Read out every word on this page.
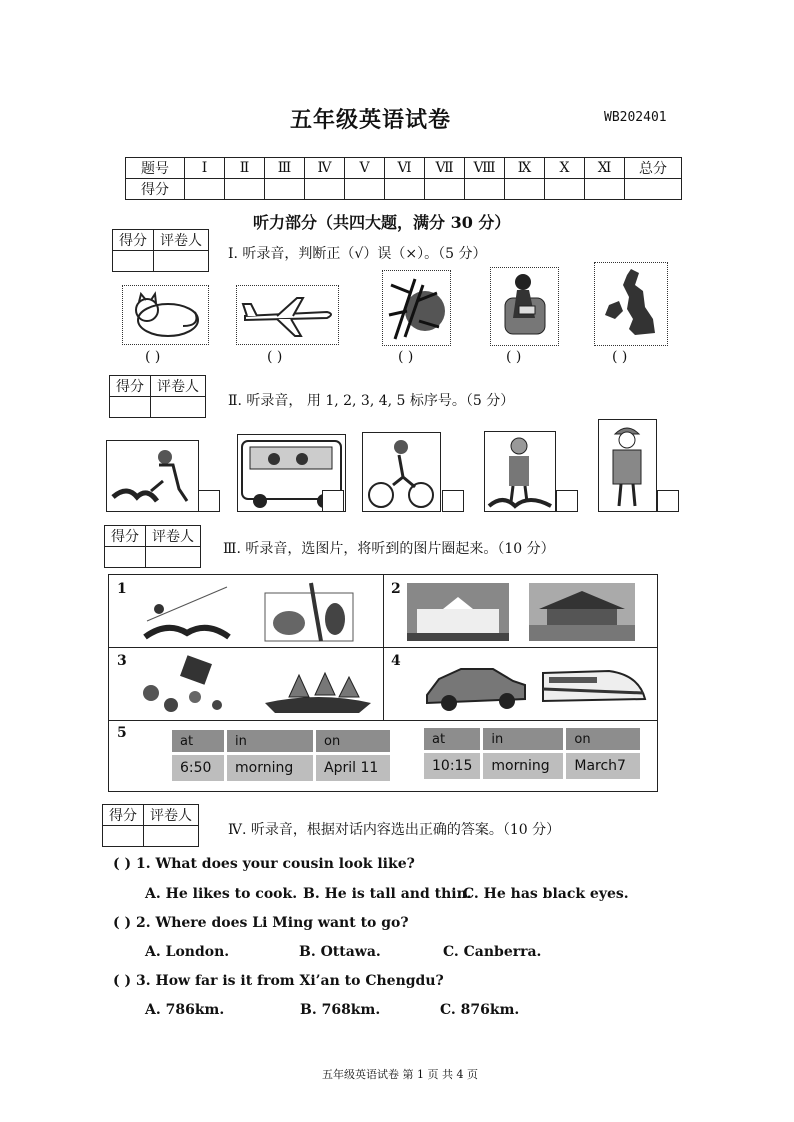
五年级英语试卷	WB202401
题号	I	Ⅱ	Ⅲ	Ⅳ	Ⅴ	Ⅵ	Ⅶ	Ⅷ	Ⅸ	Ⅹ	Ⅺ	总分
得分												
听力部分（共四大题，满分 30 分）
得分	评卷人

Ⅰ. 听录音，判断正（√）误（×）。（5 分）
( )	( )	( )	( )	( )
得分	评卷人

Ⅱ. 听录音， 用 1, 2, 3, 4, 5 标序号。（5 分）
得分	评卷人

Ⅲ. 听录音，选图片，将听到的图片圈起来。（10 分）
1	2
3	4
5	at	in	on
6:50	morning	April 11
at	in	on
10:15	morning	March7
得分	评卷人

Ⅳ. 听录音，根据对话内容选出正确的答案。（10 分）
( ) 1. What does your cousin look like?
A. He likes to cook. B. He is tall and thin.
C. He has black eyes.
( ) 2. Where does Li Ming want to go?
A. London.	B. Ottawa.	C. Canberra.
( ) 3. How far is it from Xi’an to Chengdu?
A. 786km.	B. 768km.	C. 876km.
五年级英语试卷 第 1 页 共 4 页
